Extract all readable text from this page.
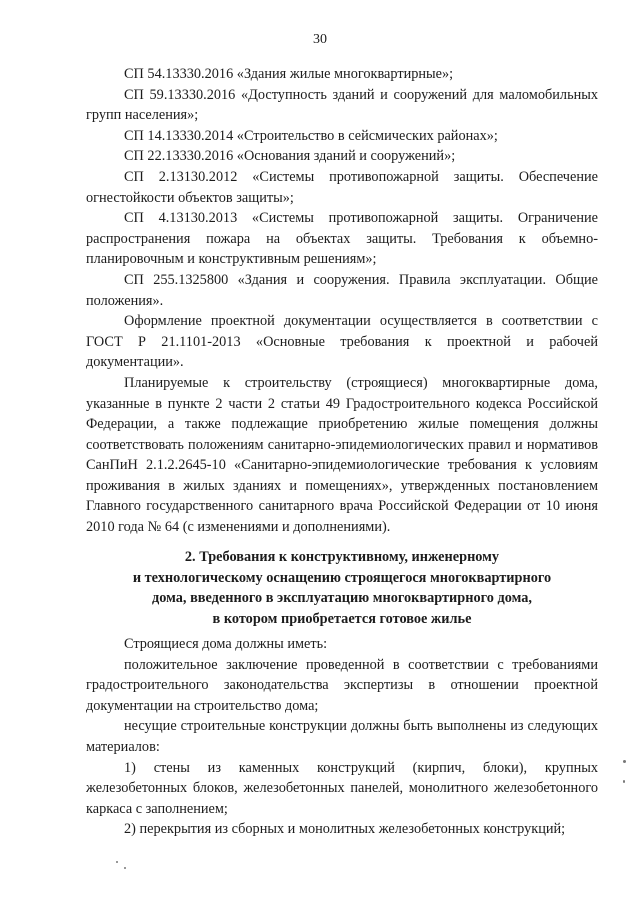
30

СП 54.13330.2016 «Здания жилые многоквартирные»;

СП 59.13330.2016 «Доступность зданий и сооружений для маломобильных групп населения»;

СП 14.13330.2014 «Строительство в сейсмических районах»;

СП 22.13330.2016 «Основания зданий и сооружений»;

СП 2.13130.2012 «Системы противопожарной защиты. Обеспечение огнестойкости объектов защиты»;

СП 4.13130.2013 «Системы противопожарной защиты. Ограничение распространения пожара на объектах защиты. Требования к объемно-планировочным и конструктивным решениям»;

СП 255.1325800 «Здания и сооружения. Правила эксплуатации. Общие положения».

Оформление проектной документации осуществляется в соответствии с ГОСТ Р 21.1101-2013 «Основные требования к проектной и рабочей документации».

Планируемые к строительству (строящиеся) многоквартирные дома, указанные в пункте 2 части 2 статьи 49 Градостроительного кодекса Российской Федерации, а также подлежащие приобретению жилые помещения должны соответствовать положениям санитарно-эпидемиологических правил и нормативов СанПиН 2.1.2.2645-10 «Санитарно-эпидемиологические требования к условиям проживания в жилых зданиях и помещениях», утвержденных постановлением Главного государственного санитарного врача Российской Федерации от 10 июня 2010 года № 64 (с изменениями и дополнениями).

2. Требования к конструктивному, инженерному
и технологическому оснащению строящегося многоквартирного
дома, введенного в эксплуатацию многоквартирного дома,
в котором приобретается готовое жилье

Строящиеся дома должны иметь:

положительное заключение проведенной в соответствии с требованиями градостроительного законодательства экспертизы в отношении проектной документации на строительство дома;

несущие строительные конструкции должны быть выполнены из следующих материалов:

1) стены из каменных конструкций (кирпич, блоки), крупных железобетонных блоков, железобетонных панелей, монолитного железобетонного каркаса с заполнением;

2) перекрытия из сборных и монолитных железобетонных конструкций;
